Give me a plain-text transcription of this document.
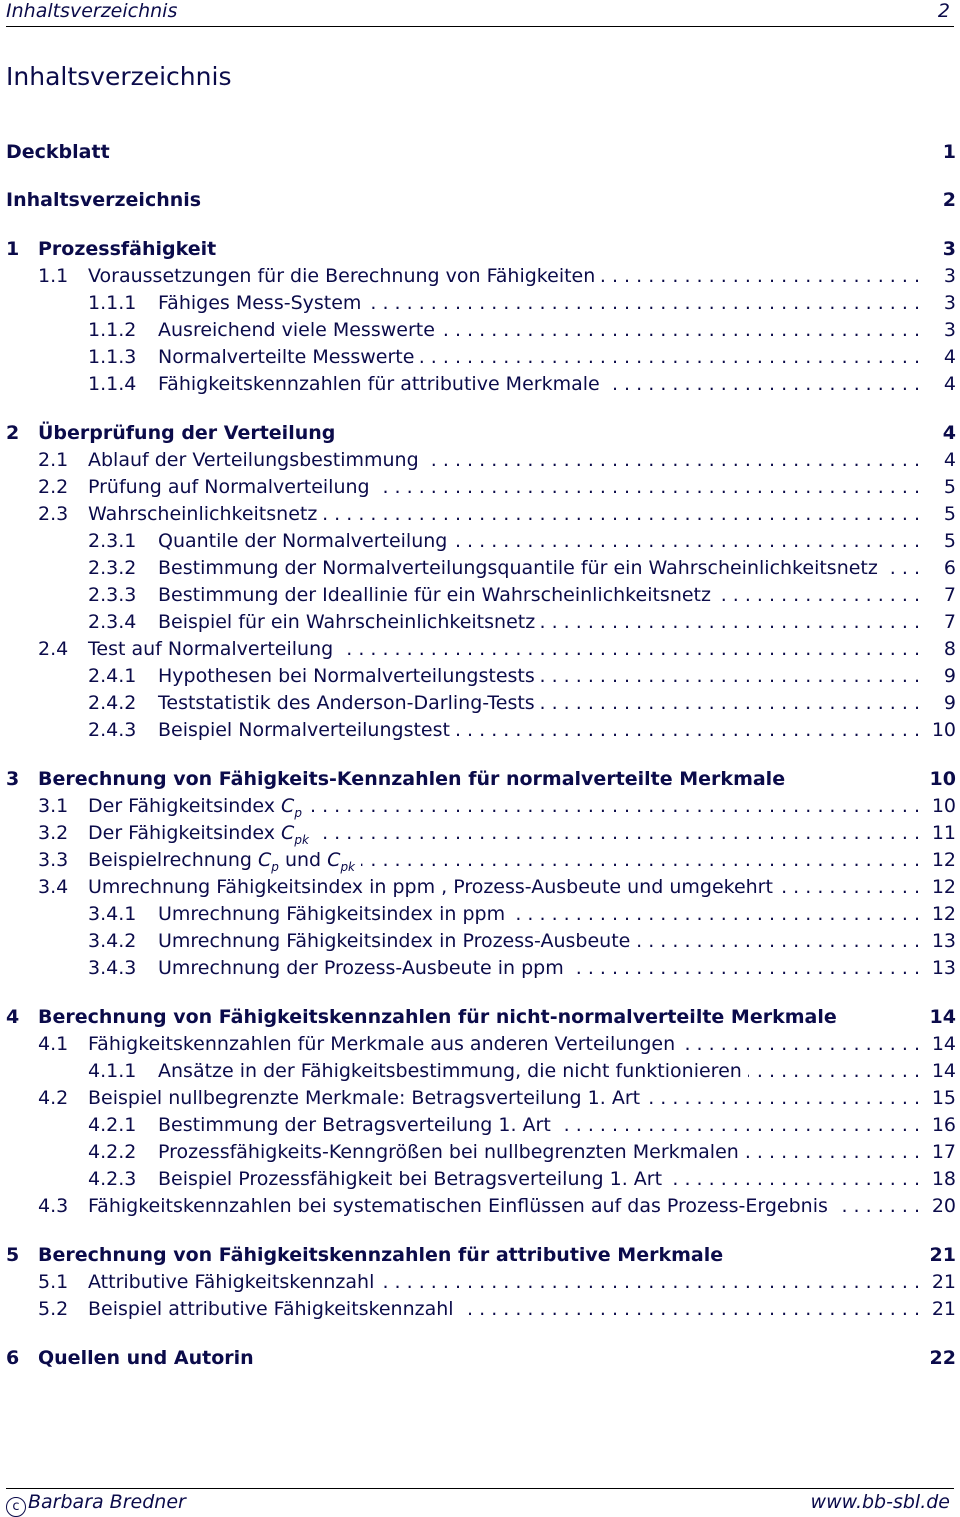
Inhaltsverzeichnis	2
Inhaltsverzeichnis
Deckblatt	1
Inhaltsverzeichnis	2
1 Prozessfähigkeit	3
1.1 Voraussetzungen für die Berechnung von Fähigkeiten	3
. . .
1.1.1 Fähiges Mess-System	3
. . .
1.1.2 Ausreichend viele Messwerte	3
. . .
1.1.3 Normalverteilte Messwerte	4
. . .
1.1.4 Fähigkeitskennzahlen für attributive Merkmale	4
. . .
2 Überprüfung der Verteilung	4
2.1 Ablauf der Verteilungsbestimmung	4
. . .
2.2 Prüfung auf Normalverteilung	5
. . .
2.3 Wahrscheinlichkeitsnetz	5
. . .
2.3.1 Quantile der Normalverteilung	5
. . .
2.3.2 Bestimmung der Normalverteilungsquantile für ein Wahrscheinlichkeitsnetz	6
. . .
2.3.3 Bestimmung der Ideallinie für ein Wahrscheinlichkeitsnetz	7
. . .
2.3.4 Beispiel für ein Wahrscheinlichkeitsnetz	7
. . .
2.4 Test auf Normalverteilung	8
. . .
2.4.1 Hypothesen bei Normalverteilungstests	9
. . .
2.4.2 Teststatistik des Anderson-Darling-Tests	9
. . .
2.4.3 Beispiel Normalverteilungstest	10
. . .
3 Berechnung von Fähigkeits-Kennzahlen für normalverteilte Merkmale	10
3.1 Der Fähigkeitsindex $C_p$	10
. . .
3.2 Der Fähigkeitsindex $C_{pk}$	11
. . .
3.3 Beispielrechnung $C_p$ und $C_{pk}$	12
. . .
3.4 Umrechnung Fähigkeitsindex in ppm , Prozess-Ausbeute und umgekehrt	12
. . .
3.4.1 Umrechnung Fähigkeitsindex in ppm	12
. . .
3.4.2 Umrechnung Fähigkeitsindex in Prozess-Ausbeute	13
. . .
3.4.3 Umrechnung der Prozess-Ausbeute in ppm	13
. . .
4 Berechnung von Fähigkeitskennzahlen für nicht-normalverteilte Merkmale	14
4.1 Fähigkeitskennzahlen für Merkmale aus anderen Verteilungen	14
. . .
4.1.1 Ansätze in der Fähigkeitsbestimmung, die nicht funktionieren	14
. . .
4.2 Beispiel nullbegrenzte Merkmale: Betragsverteilung 1. Art	15
. . .
4.2.1 Bestimmung der Betragsverteilung 1. Art	16
. . .
4.2.2 Prozessfähigkeits-Kenngrößen bei nullbegrenzten Merkmalen	17
. . .
4.2.3 Beispiel Prozessfähigkeit bei Betragsverteilung 1. Art	18
. . .
4.3 Fähigkeitskennzahlen bei systematischen Einflüssen auf das Prozess-Ergebnis	20
. . .
5 Berechnung von Fähigkeitskennzahlen für attributive Merkmale	21
5.1 Attributive Fähigkeitskennzahl	21
. . .
5.2 Beispiel attributive Fähigkeitskennzahl	21
. . .
6 Quellen und Autorin	22
c Barbara Bredner	www.bb-sbl.de
